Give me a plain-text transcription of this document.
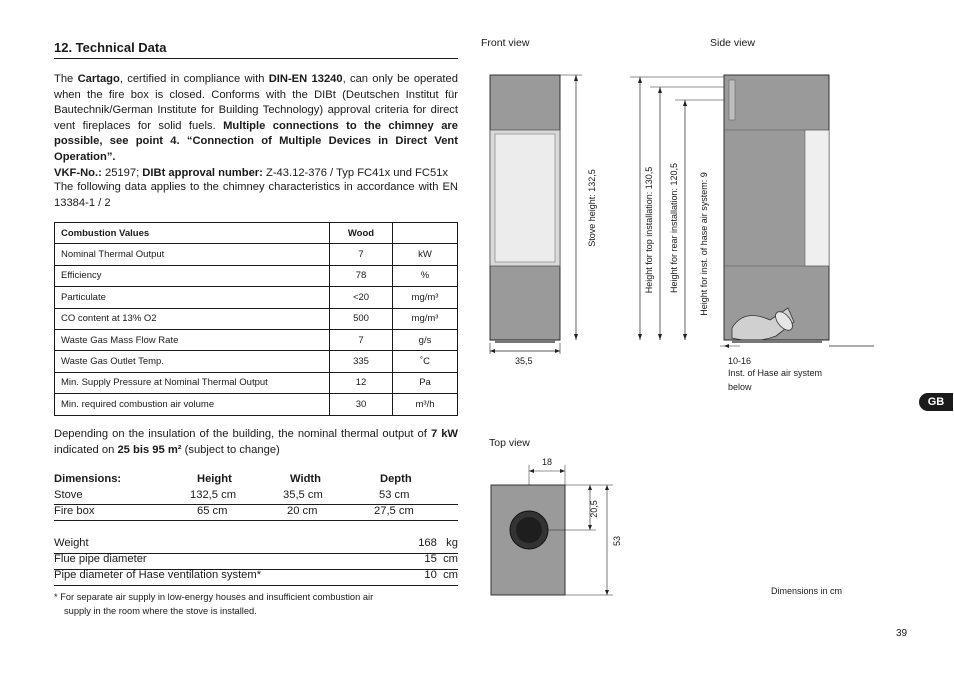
12. Technical Data
The Cartago, certified in compliance with DIN-EN 13240, can only be operated when the fire box is closed. Conforms with the DIBt (Deutschen Institut für Bautechnik/German Institute for Building Technology) approval criteria for direct vent fireplaces for solid fuels. Multiple connections to the chimney are possible, see point 4. “Connection of Multiple Devices in Direct Vent Operation”.
VKF-No.: 25197; DIBt approval number: Z-43.12-376 / Typ FC41x und FC51x
The following data applies to the chimney characteristics in accordance with EN 13384-1 / 2
Combustion Values	Wood	
Nominal Thermal Output	7	kW
Efficiency	78	%
Particulate	<20	mg/m³
CO content at 13% O2	500	mg/m³
Waste Gas Mass Flow Rate	7	g/s
Waste Gas Outlet Temp.	335	˚C
Min. Supply Pressure at Nominal Thermal Output	12	Pa
Min. required combustion air volume	30	m³/h
Depending on the insulation of the building, the nominal thermal output of 7 kW indicated on 25 bis 95 m² (subject to change)
Dimensions:	Height	Width	Depth
Stove	132,5 cm	35,5 cm	53 cm
Fire box	65 cm	20 cm	27,5 cm
Weight	168   kg
Flue pipe diameter	15  cm
Pipe diameter of Hase ventilation system*	10  cm
* For separate air supply in low-energy houses and insufficient combustion air
supply in the room where the stove is installed.
Front view	Side view
Top view
Stove height: 132,5	Height for top installation: 130,5 Height for rear installation: 120,5 Height for inst. of hase air system: 9
35,5	10-16
Inst. of Hase air system
below
18
20,5
53
Dimensions in cm
GB
39
